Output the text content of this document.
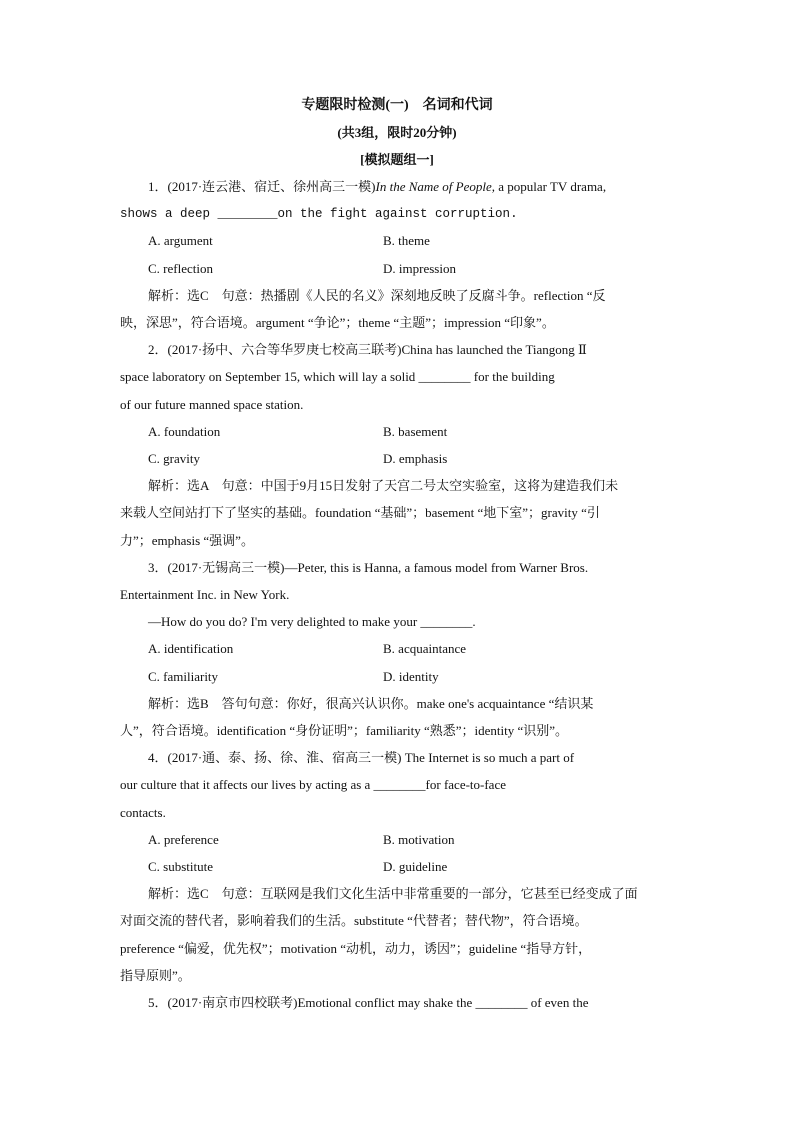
专题限时检测(一)　名词和代词
(共3组，限时20分钟)
[模拟题组一]
1．(2017·连云港、宿迁、徐州高三一模)In the Name of People, a popular TV drama,
shows a deep ________on the fight against corruption.
A. argument	B. theme
C. reflection	D. impression
解析：选C　句意：热播剧《人民的名义》深刻地反映了反腐斗争。reflection “反
映，深思”，符合语境。argument “争论”；theme “主题”；impression “印象”。
2．(2017·扬中、六合等华罗庚七校高三联考)China has launched the Tiangong Ⅱ
space laboratory on September 15, which will lay a solid ________ for the building
of our future manned space station.
A. foundation	B. basement
C. gravity	D. emphasis
解析：选A　句意：中国于9月15日发射了天宫二号太空实验室，这将为建造我们未
来载人空间站打下了坚实的基础。foundation “基础”；basement “地下室”；gravity “引
力”；emphasis “强调”。
3．(2017·无锡高三一模)—Peter, this is Hanna, a famous model from Warner Bros.
Entertainment Inc. in New York.
—How do you do? I'm very delighted to make your ________.
A. identification	B. acquaintance
C. familiarity	D. identity
解析：选B　答句句意：你好，很高兴认识你。make one's acquaintance “结识某
人”，符合语境。identification “身份证明”；familiarity “熟悉”；identity “识别”。
4．(2017·通、泰、扬、徐、淮、宿高三一模) The Internet is so much a part of
our culture that it affects our lives by acting as a ________for face-to-face
contacts.
A. preference	B. motivation
C. substitute	D. guideline
解析：选C　句意：互联网是我们文化生活中非常重要的一部分，它甚至已经变成了面
对面交流的替代者，影响着我们的生活。substitute “代替者；替代物”，符合语境。
preference “偏爱，优先权”；motivation “动机，动力，诱因”；guideline “指导方针，
指导原则”。
5．(2017·南京市四校联考)Emotional conflict may shake the ________ of even the
